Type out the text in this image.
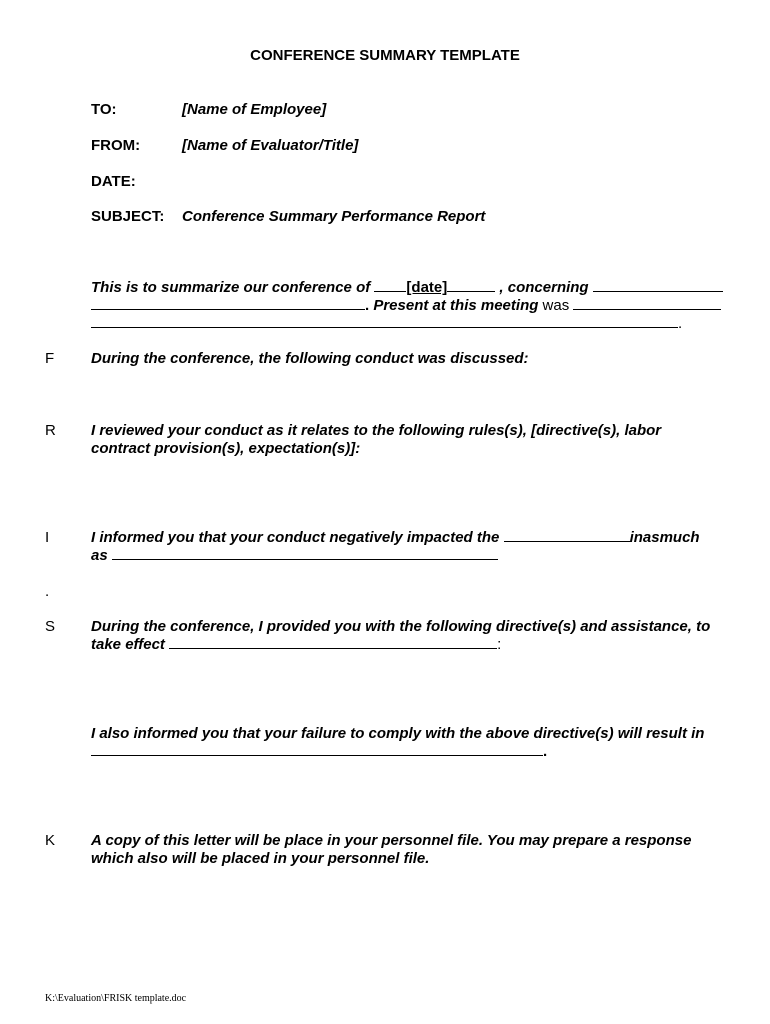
CONFERENCE SUMMARY TEMPLATE
TO:	[Name of Employee]
FROM:	[Name of Evaluator/Title]
DATE:
SUBJECT: Conference Summary Performance Report
This is to summarize our conference of [date]	, concerning
. Present at this meeting was
.
F During the conference, the following conduct was discussed:
R I reviewed your conduct as it relates to the following rules(s), [directive(s), labor
contract provision(s), expectation(s)]:
I	I informed you that your conduct negatively impacted the	inasmuch
as
.
S During the conference, I provided you with the following directive(s) and assistance, to
take effect	:
I also informed you that your failure to comply with the above directive(s) will result in
.
K A copy of this letter will be place in your personnel file. You may prepare a response
which also will be placed in your personnel file.
K:\Evaluation\FRISK template.doc
